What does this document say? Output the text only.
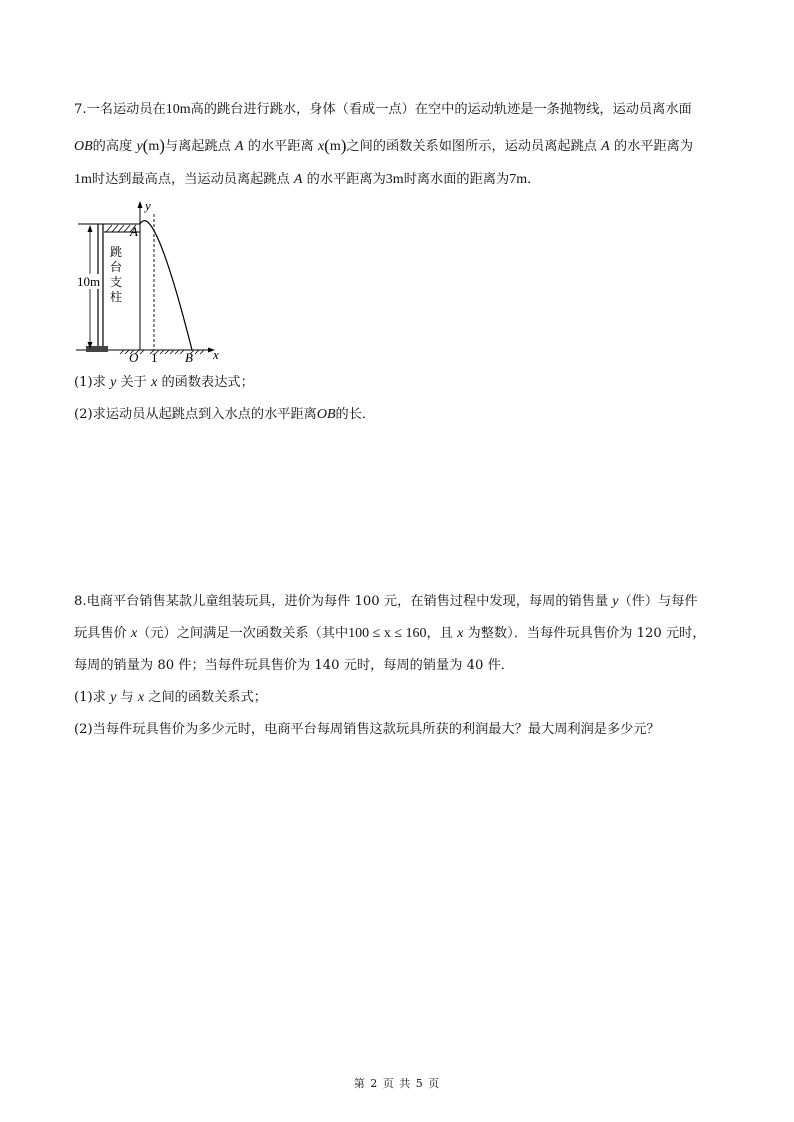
7.一名运动员在10m高的跳台进行跳水，身体（看成一点）在空中的运动轨迹是一条抛物线，运动员离水面
OB的高度 y(m)与离起跳点 A 的水平距离 x(m)之间的函数关系如图所示，运动员离起跳点 A 的水平距离为
1m时达到最高点，当运动员离起跳点 A 的水平距离为3m时离水面的距离为7m．
10m
跳
台
支
柱
y
x
A
O 1 B
(1)求 y 关于 x 的函数表达式；
(2)求运动员从起跳点到入水点的水平距离OB的长．
8.电商平台销售某款儿童组装玩具，进价为每件 100 元，在销售过程中发现，每周的销售量 y（件）与每件
玩具售价 x（元）之间满足一次函数关系（其中100 ≤ x ≤ 160，且 x 为整数）．当每件玩具售价为 120 元时，
每周的销量为 80 件；当每件玩具售价为 140 元时，每周的销量为 40 件．
(1)求 y 与 x 之间的函数关系式；
(2)当每件玩具售价为多少元时，电商平台每周销售这款玩具所获的利润最大？最大周利润是多少元？
第 2 页 共 5 页
